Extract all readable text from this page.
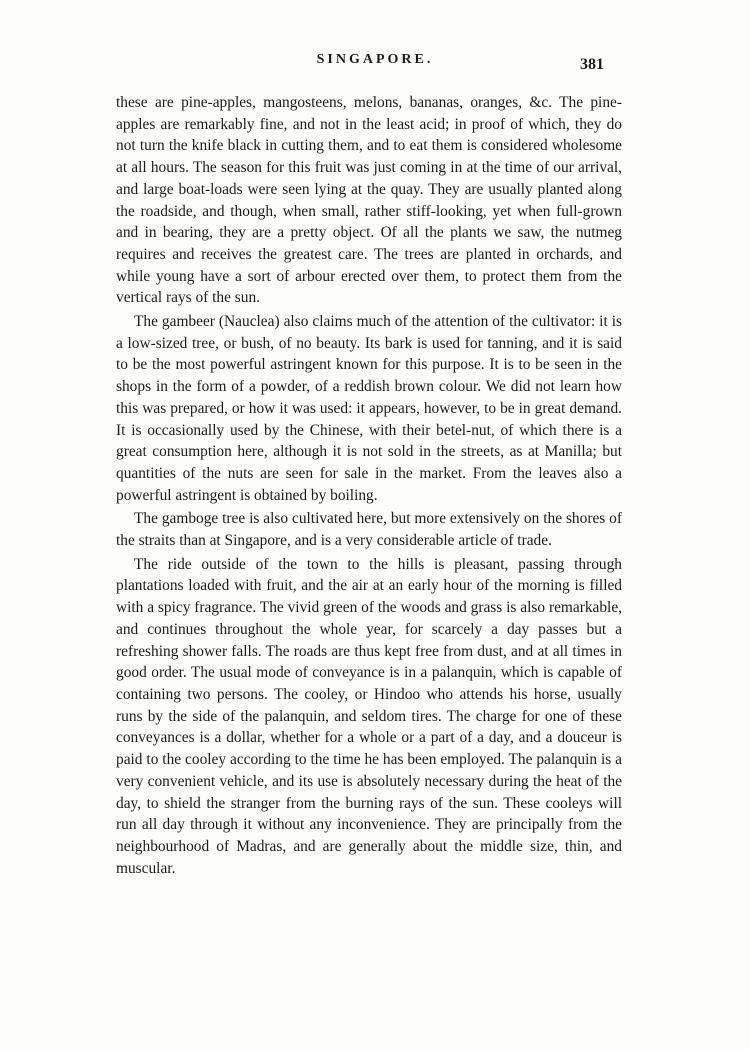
SINGAPORE.	381

these are pine-apples, mangosteens, melons, bananas, oranges, &c. The pine-apples are remarkably fine, and not in the least acid; in proof of which, they do not turn the knife black in cutting them, and to eat them is considered wholesome at all hours. The season for this fruit was just coming in at the time of our arrival, and large boat-loads were seen lying at the quay. They are usually planted along the roadside, and though, when small, rather stiff-looking, yet when full-grown and in bearing, they are a pretty object. Of all the plants we saw, the nutmeg requires and receives the greatest care. The trees are planted in orchards, and while young have a sort of arbour erected over them, to protect them from the vertical rays of the sun.

The gambeer (Nauclea) also claims much of the attention of the cultivator: it is a low-sized tree, or bush, of no beauty. Its bark is used for tanning, and it is said to be the most powerful astringent known for this purpose. It is to be seen in the shops in the form of a powder, of a reddish brown colour. We did not learn how this was prepared, or how it was used: it appears, however, to be in great demand. It is occasionally used by the Chinese, with their betel-nut, of which there is a great consumption here, although it is not sold in the streets, as at Manilla; but quantities of the nuts are seen for sale in the market. From the leaves also a powerful astringent is obtained by boiling.

The gamboge tree is also cultivated here, but more extensively on the shores of the straits than at Singapore, and is a very considerable article of trade.

The ride outside of the town to the hills is pleasant, passing through plantations loaded with fruit, and the air at an early hour of the morning is filled with a spicy fragrance. The vivid green of the woods and grass is also remarkable, and continues throughout the whole year, for scarcely a day passes but a refreshing shower falls. The roads are thus kept free from dust, and at all times in good order. The usual mode of conveyance is in a palanquin, which is capable of containing two persons. The cooley, or Hindoo who attends his horse, usually runs by the side of the palanquin, and seldom tires. The charge for one of these conveyances is a dollar, whether for a whole or a part of a day, and a douceur is paid to the cooley according to the time he has been employed. The palanquin is a very convenient vehicle, and its use is absolutely necessary during the heat of the day, to shield the stranger from the burning rays of the sun. These cooleys will run all day through it without any inconvenience. They are principally from the neighbourhood of Madras, and are generally about the middle size, thin, and muscular.
